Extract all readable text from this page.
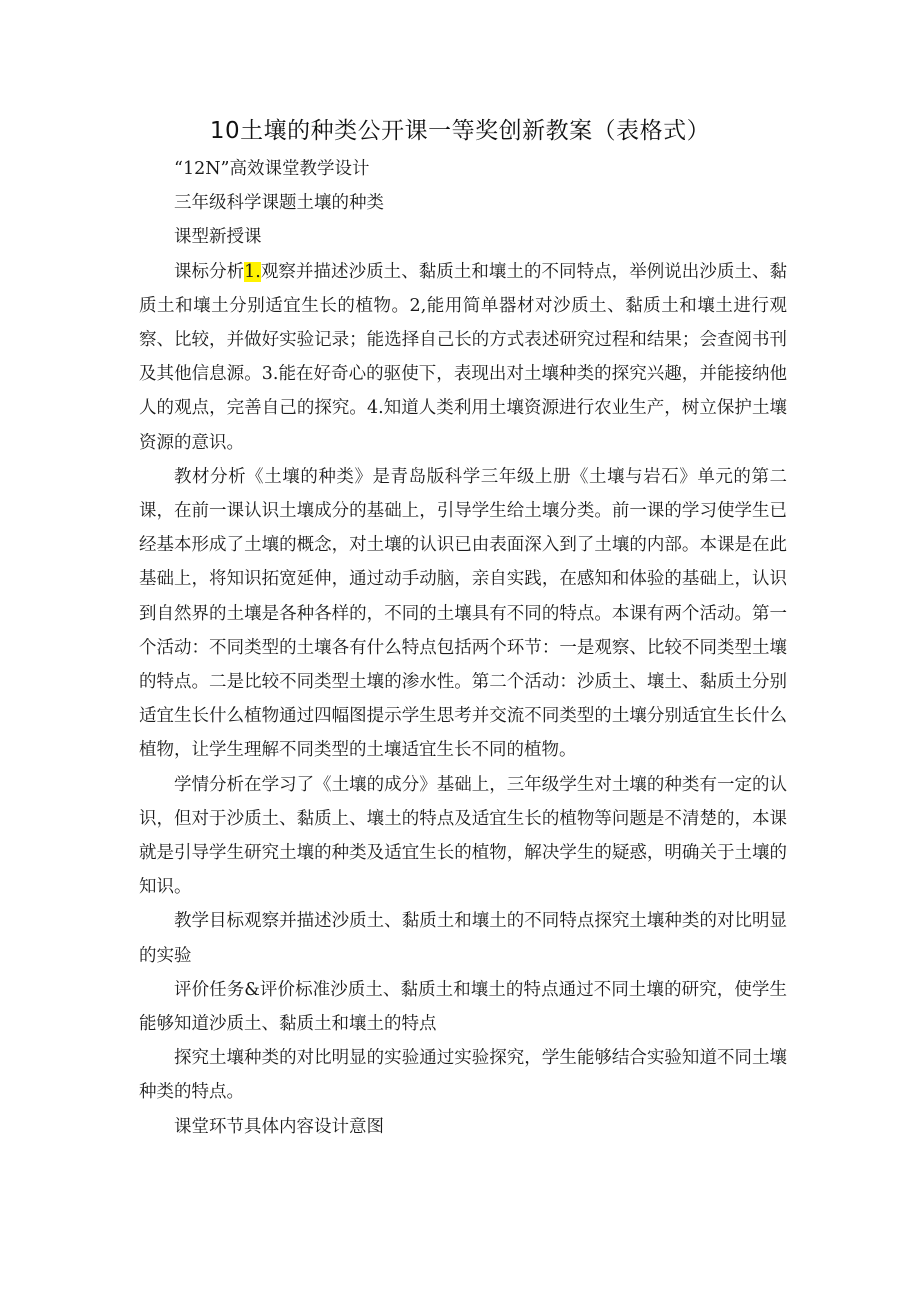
10土壤的种类公开课一等奖创新教案（表格式）

“12N”高效课堂教学设计

三年级科学课题土壤的种类

课型新授课

课标分析1.观察并描述沙质土、黏质土和壤土的不同特点，举例说出沙质土、黏质土和壤土分别适宜生长的植物。2,能用简单器材对沙质土、黏质土和壤土进行观察、比较，并做好实验记录；能选择自己长的方式表述研究过程和结果；会查阅书刊及其他信息源。3.能在好奇心的驱使下，表现出对土壤种类的探究兴趣，并能接纳他人的观点，完善自己的探究。4.知道人类利用土壤资源进行农业生产，树立保护土壤资源的意识。

教材分析《土壤的种类》是青岛版科学三年级上册《土壤与岩石》单元的第二课，在前一课认识土壤成分的基础上，引导学生给土壤分类。前一课的学习使学生已经基本形成了土壤的概念，对土壤的认识已由表面深入到了土壤的内部。本课是在此基础上，将知识拓宽延伸，通过动手动脑，亲自实践，在感知和体验的基础上，认识到自然界的土壤是各种各样的，不同的土壤具有不同的特点。本课有两个活动。第一个活动：不同类型的土壤各有什么特点包括两个环节：一是观察、比较不同类型土壤的特点。二是比较不同类型土壤的渗水性。第二个活动：沙质土、壤土、黏质土分别适宜生长什么植物通过四幅图提示学生思考并交流不同类型的土壤分别适宜生长什么植物，让学生理解不同类型的土壤适宜生长不同的植物。

学情分析在学习了《土壤的成分》基础上，三年级学生对土壤的种类有一定的认识，但对于沙质土、黏质上、壤土的特点及适宜生长的植物等问题是不清楚的，本课就是引导学生研究土壤的种类及适宜生长的植物，解决学生的疑惑，明确关于土壤的知识。

教学目标观察并描述沙质土、黏质土和壤土的不同特点探究土壤种类的对比明显的实验

评价任务&评价标准沙质土、黏质土和壤土的特点通过不同土壤的研究，使学生能够知道沙质土、黏质土和壤土的特点

探究土壤种类的对比明显的实验通过实验探究，学生能够结合实验知道不同土壤种类的特点。

课堂环节具体内容设计意图
